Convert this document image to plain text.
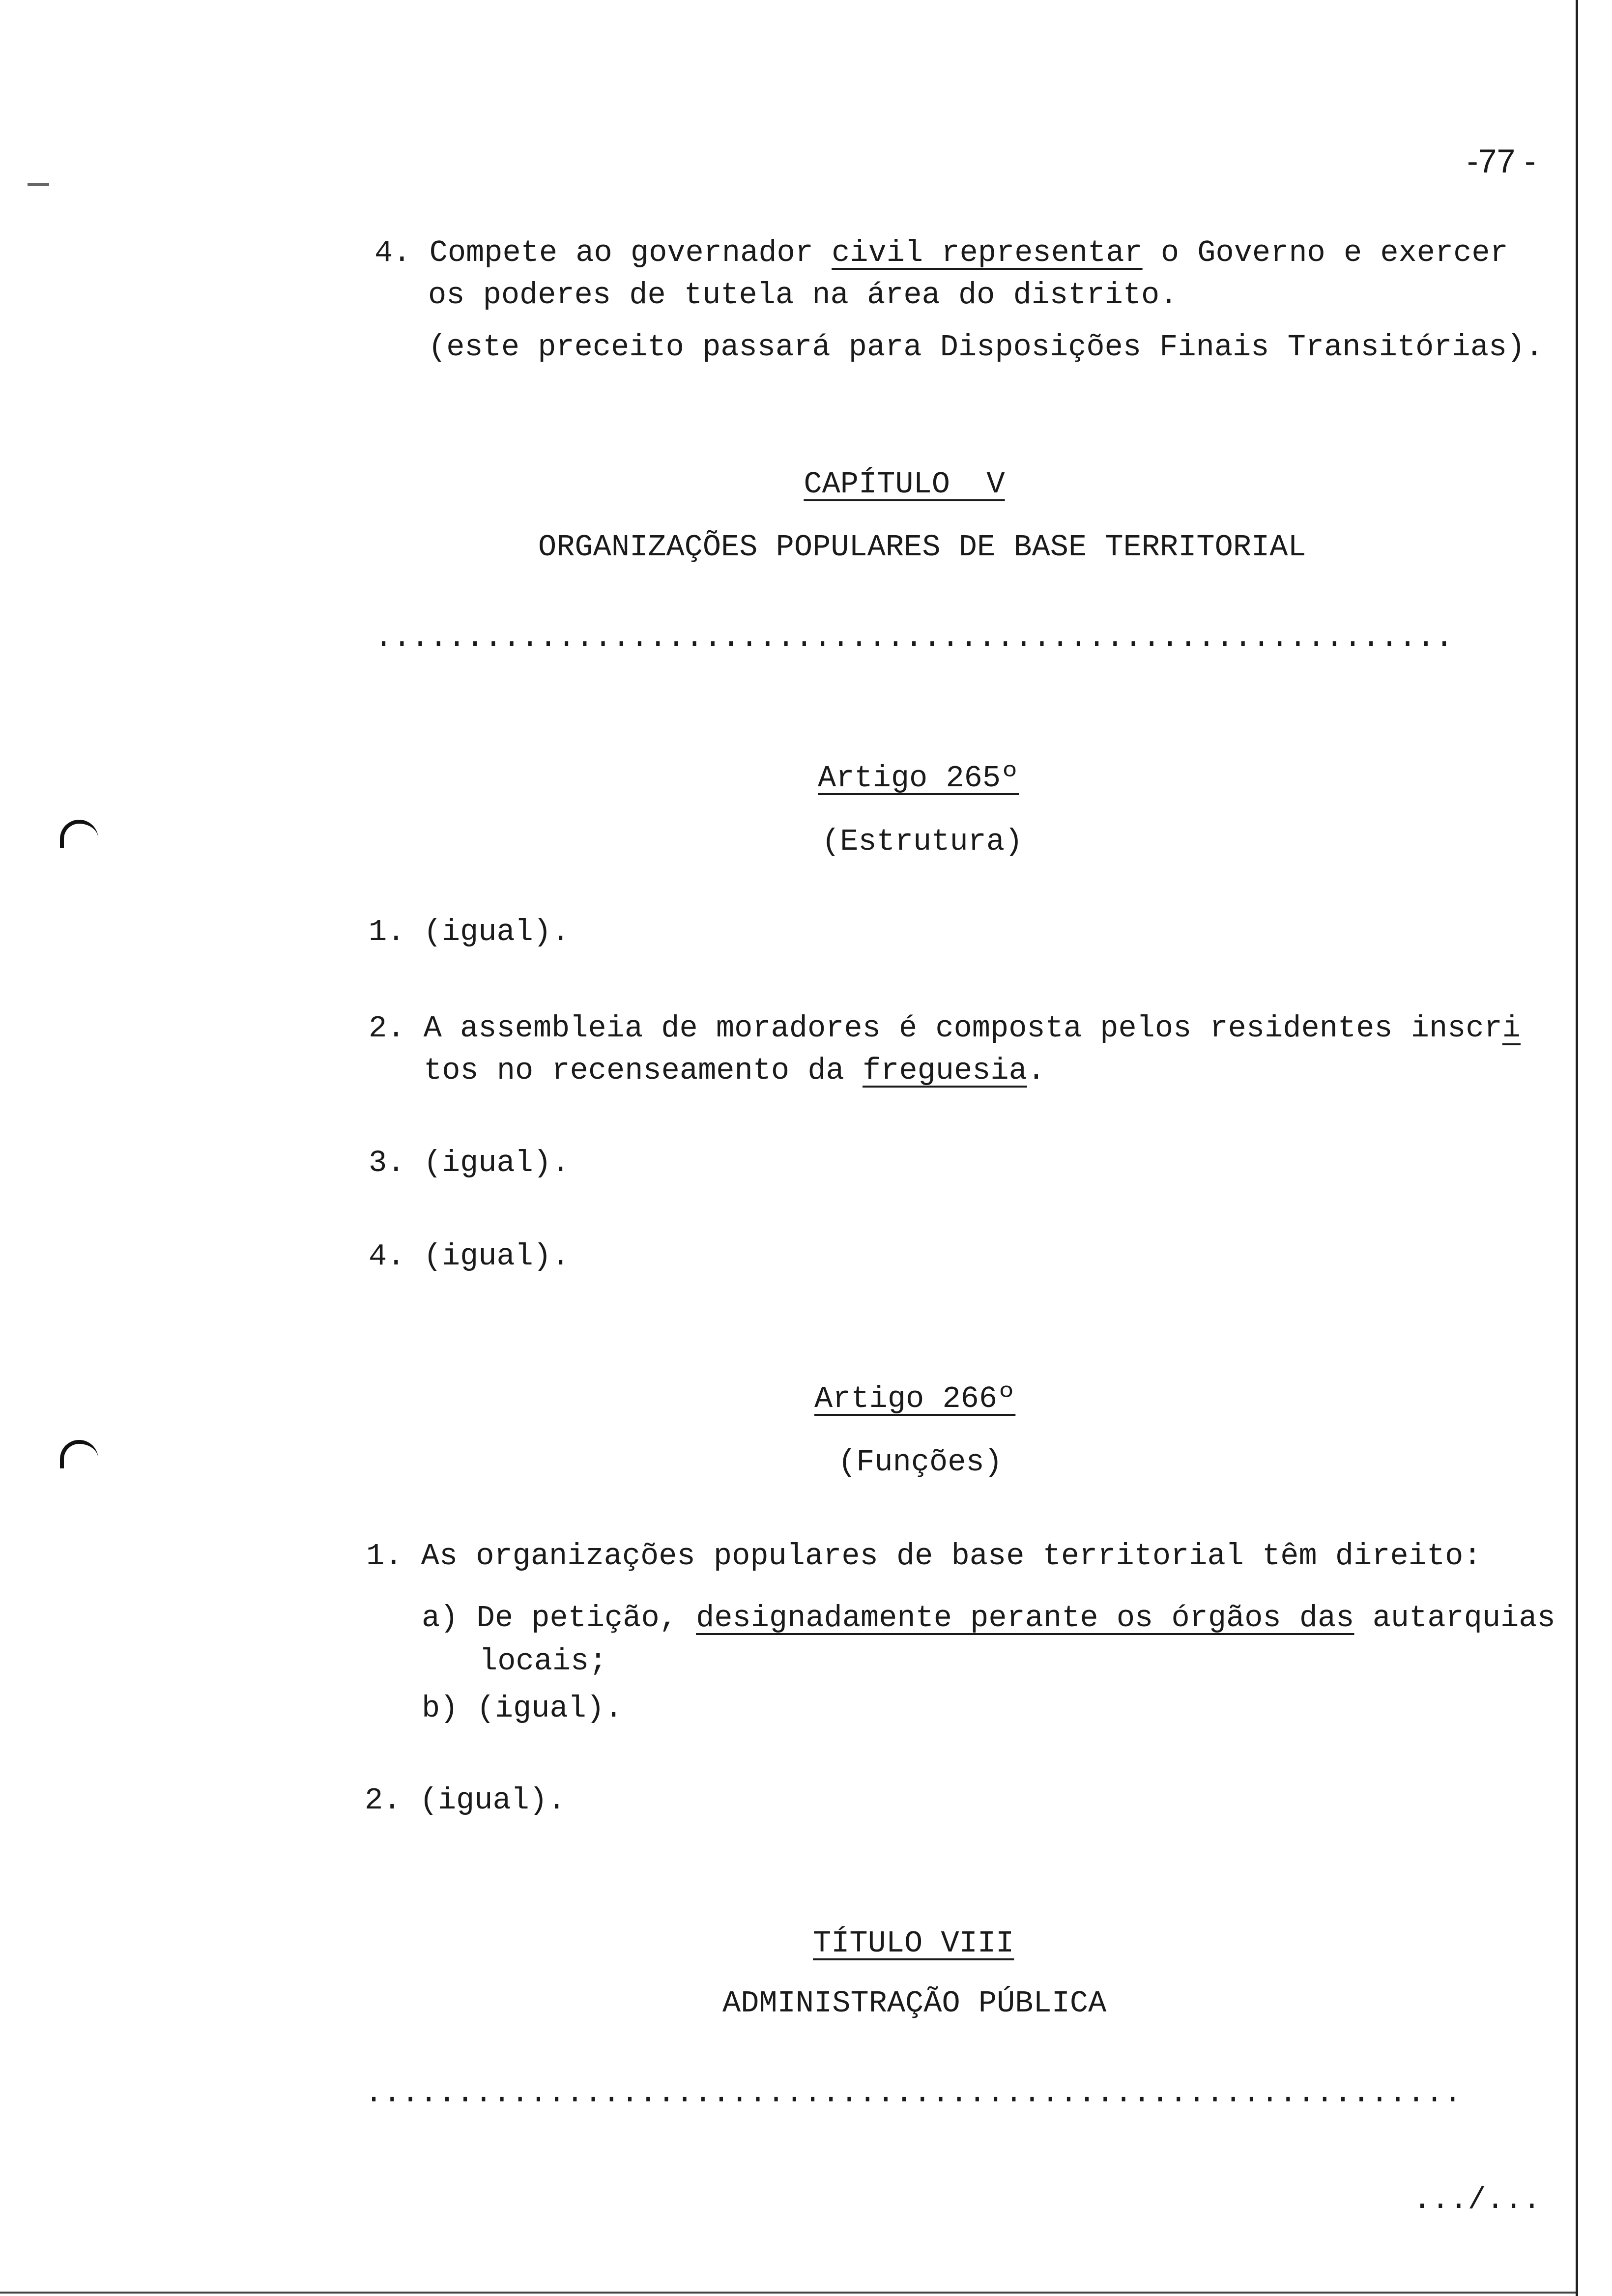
-77 -
4. Compete ao governador civil representar o Governo e exercer
os poderes de tutela na área do distrito.
(este preceito passará para Disposições Finais Transitórias).
CAPÍTULO  V
ORGANIZAÇÕES POPULARES DE BASE TERRITORIAL
...........................................................
Artigo 265º
(Estrutura)
1. (igual).
2. A assembleia de moradores é composta pelos residentes inscri
tos no recenseamento da freguesia.
3. (igual).
4. (igual).
Artigo 266º
(Funções)
1. As organizações populares de base territorial têm direito:
a) De petição, designadamente perante os órgãos das autarquias
locais;
b) (igual).
2. (igual).
TÍTULO VIII
ADMINISTRAÇÃO PÚBLICA
............................................................
.../...
